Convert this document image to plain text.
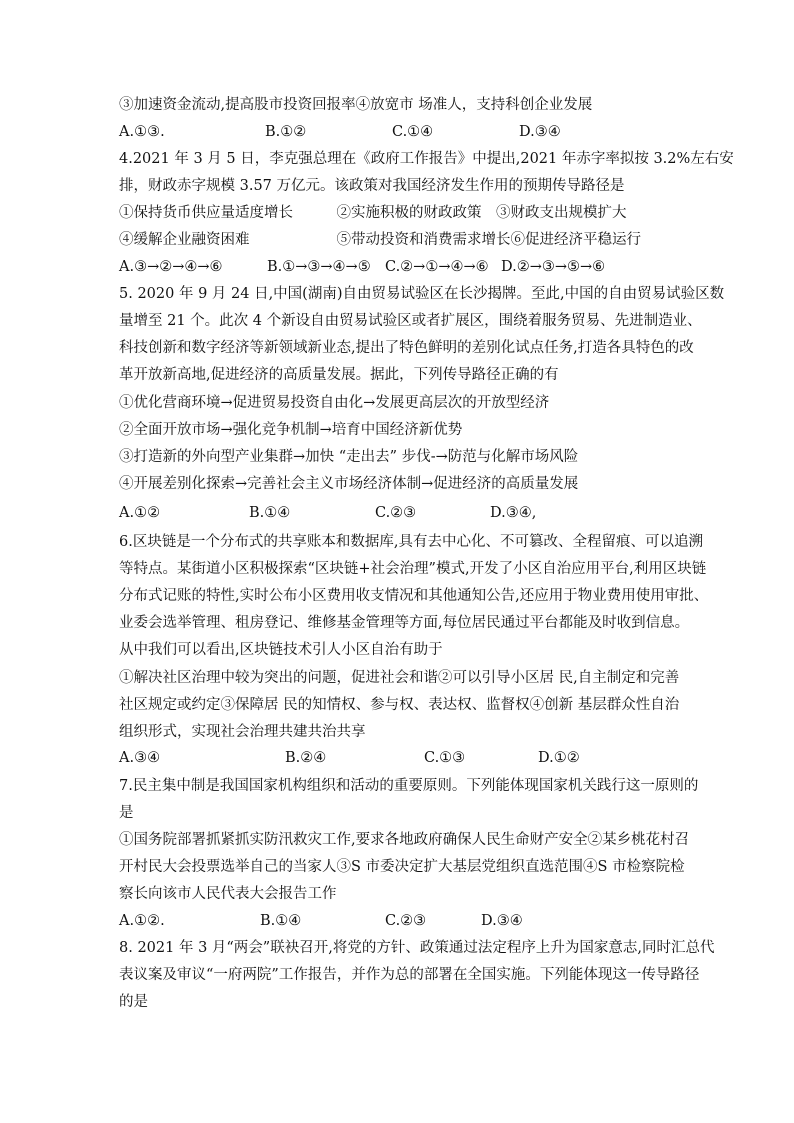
③加速资金流动,提高股市投资回报率④放宽市 场准人，支持科创企业发展
A.①③.	B.①②	C.①④	D.③④
4.2021 年 3 月 5 日，李克强总理在《政府工作报告》中提出,2021 年赤字率拟按 3.2%左右安
排，财政赤字规模 3.57 万亿元。该政策对我国经济发生作用的预期传导路径是
①保持货币供应量适度增长　　　②实施积极的财政政策　③财政支出规模扩大
④缓解企业融资困难　　　　　　⑤带动投资和消费需求增长⑥促进经济平稳运行
A.③→②→④→⑥	B.①→③→④→⑤ C.②→①→④→⑥ D.②→③→⑤→⑥
5. 2020 年 9 月 24 日,中国(湖南)自由贸易试验区在长沙揭牌。至此,中国的自由贸易试验区数
量增至 21 个。此次 4 个新设自由贸易试验区或者扩展区，围绕着服务贸易、先进制造业、
科技创新和数字经济等新领域新业态,提出了特色鲜明的差别化试点任务,打造各具特色的改
革开放新高地,促进经济的高质量发展。据此，下列传导路径正确的有
①优化营商环境→促进贸易投资自由化→发展更高层次的开放型经济
②全面开放市场→强化竞争机制→培育中国经济新优势
③打造新的外向型产业集群→加快 “走出去” 步伐-→防范与化解市场风险
④开展差别化探索→完善社会主义市场经济体制→促进经济的高质量发展
A.①②	B.①④	C.②③	D.③④,
6.区块链是一个分布式的共享账本和数据库,具有去中心化、不可篡改、全程留痕、可以追溯
等特点。某街道小区积极探索“区块链+社会治理”模式,开发了小区自治应用平台,利用区块链
分布式记账的特性,实时公布小区费用收支情况和其他通知公告,还应用于物业费用使用审批、
业委会选举管理、租房登记、维修基金管理等方面,每位居民通过平台都能及时收到信息。
从中我们可以看出,区块链技术引人小区自治有助于
①解决社区治理中较为突出的问题，促进社会和谐②可以引导小区居 民,自主制定和完善
社区规定或约定③保障居 民的知情权、参与权、表达权、监督权④创新 基层群众性自治
组织形式，实现社会治理共建共治共享
A.③④	B.②④	C.①③	D.①②
7.民主集中制是我国国家机构组织和活动的重要原则。下列能体现国家机关践行这一原则的
是
①国务院部署抓紧抓实防汛救灾工作,要求各地政府确保人民生命财产安全②某乡桃花村召
开村民大会投票选举自己的当家人③S 市委决定扩大基层党组织直选范围④S 市检察院检
察长向该市人民代表大会报告工作
A.①②.	B.①④	C.②③	D.③④
8. 2021 年 3 月“两会”联袂召开,将党的方针、政策通过法定程序上升为国家意志,同时汇总代
表议案及审议“一府两院”工作报告，并作为总的部署在全国实施。下列能体现这一传导路径
的是
